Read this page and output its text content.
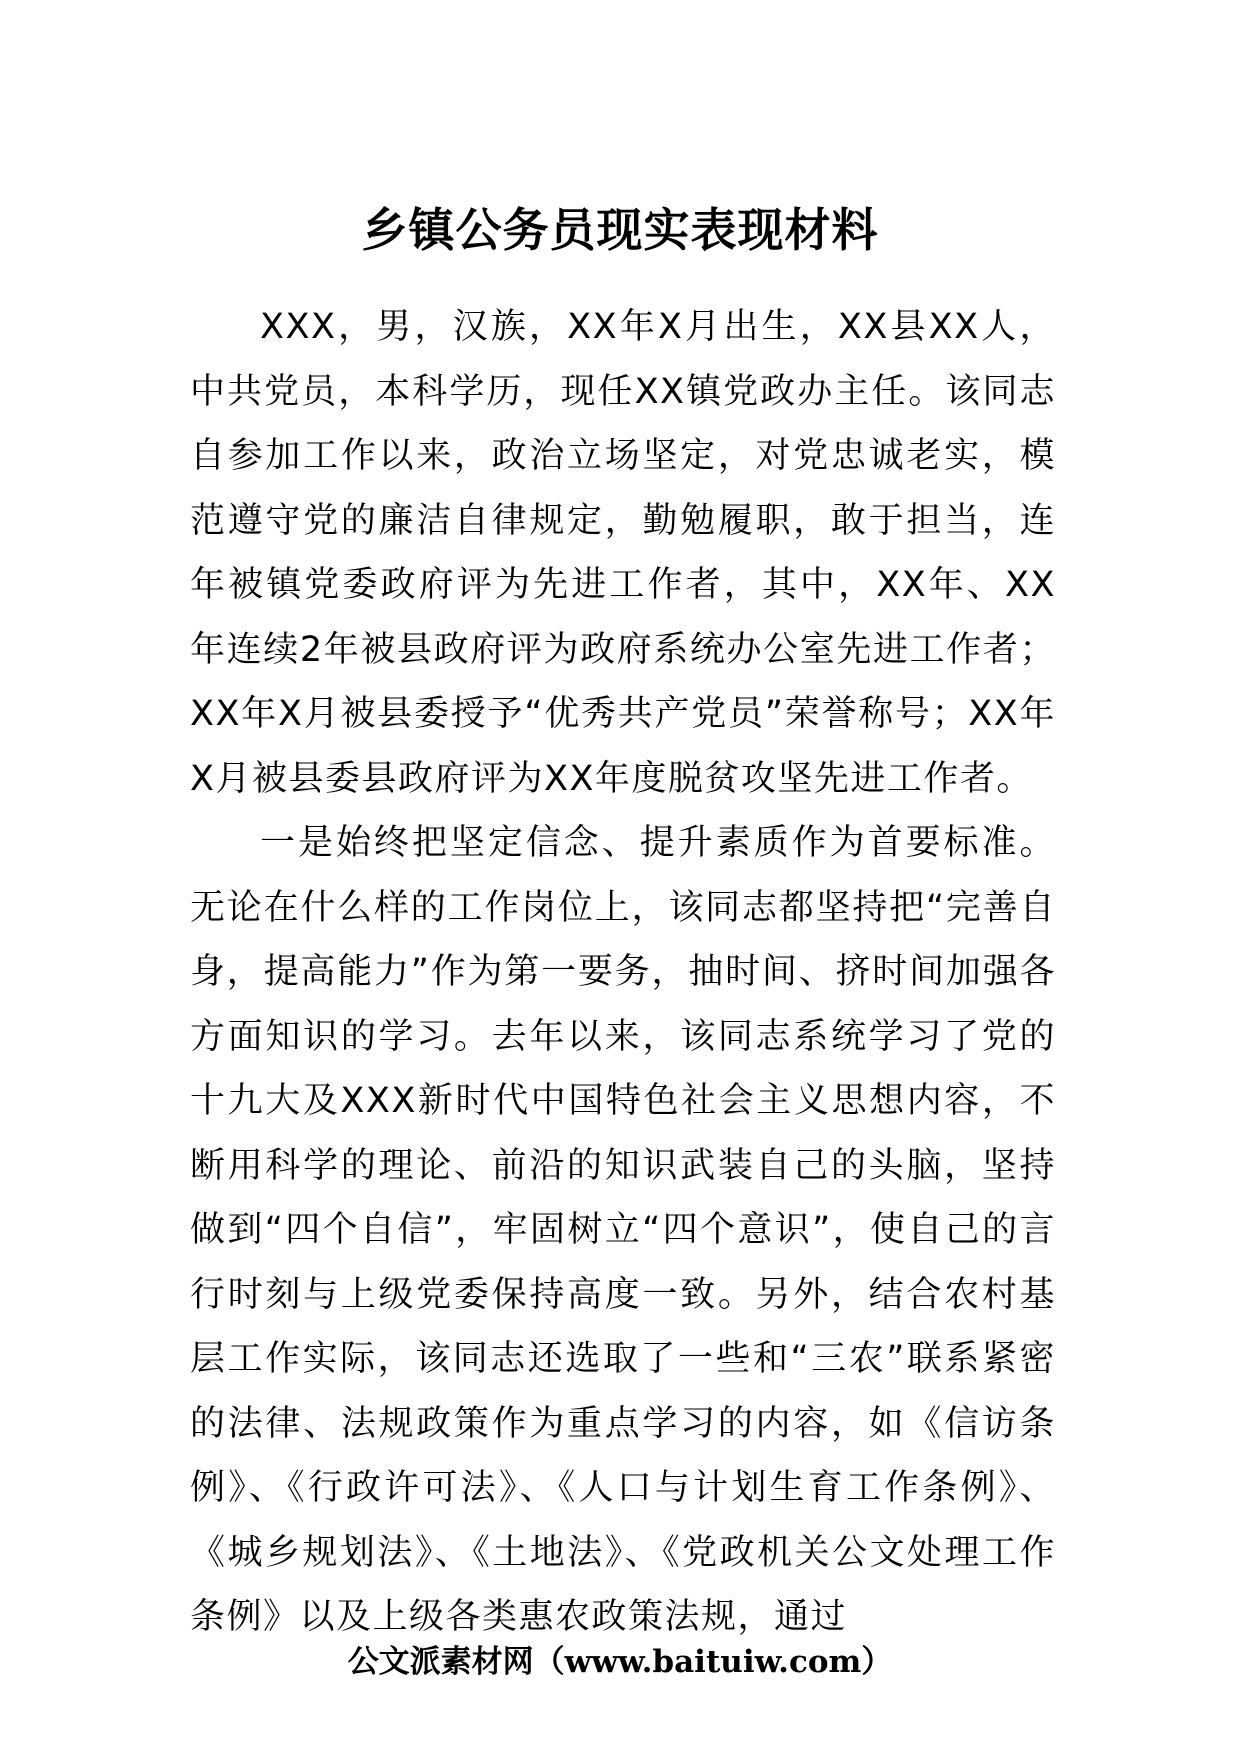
乡镇公务员现实表现材料

XXX，男，汉族，XX年X月出生，XX县XX人，中共党员，本科学历，现任XX镇党政办主任。该同志自参加工作以来，政治立场坚定，对党忠诚老实，模范遵守党的廉洁自律规定，勤勉履职，敢于担当，连年被镇党委政府评为先进工作者，其中，XX年、XX年连续2年被县政府评为政府系统办公室先进工作者；XX年X月被县委授予“优秀共产党员”荣誉称号；XX年X月被县委县政府评为XX年度脱贫攻坚先进工作者。

一是始终把坚定信念、提升素质作为首要标准。无论在什么样的工作岗位上，该同志都坚持把“完善自身，提高能力”作为第一要务，抽时间、挤时间加强各方面知识的学习。去年以来，该同志系统学习了党的十九大及XXX新时代中国特色社会主义思想内容，不断用科学的理论、前沿的知识武装自己的头脑，坚持做到“四个自信”，牢固树立“四个意识”，使自己的言行时刻与上级党委保持高度一致。另外，结合农村基层工作实际，该同志还选取了一些和“三农”联系紧密的法律、法规政策作为重点学习的内容，如《信访条例》、《行政许可法》、《人口与计划生育工作条例》、《城乡规划法》、《土地法》、《党政机关公文处理工作条例》以及上级各类惠农政策法规，通过

公文派素材网（www.baituiw.com）
